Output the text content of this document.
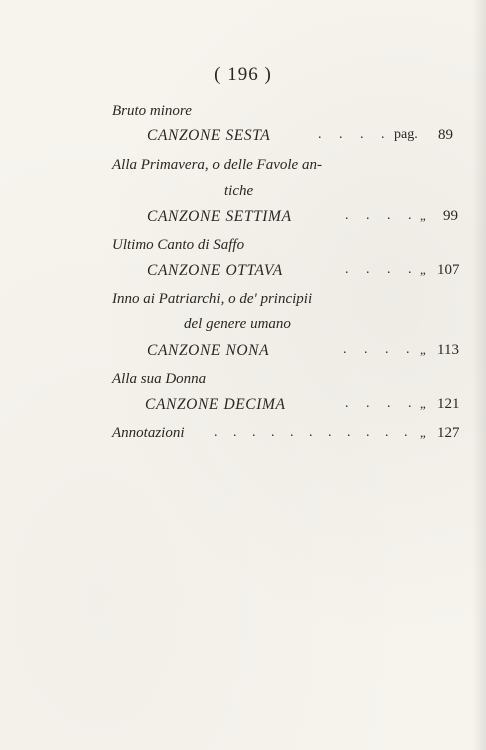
( 196 )
Bruto minore
CANZONE SESTA	. . . . pag. 89
Alla Primavera, o delle Favole an-
tiche
CANZONE SETTIMA	. . . . „ 99
Ultimo Canto di Saffo
CANZONE OTTAVA	. . . . „ 107
Inno ai Patriarchi, o de' principii
del genere umano
CANZONE NONA	. . . . „ 113
Alla sua Donna
CANZONE DECIMA	. . . . „ 121
Annotazioni . . . . . . . . . . . „ 127
